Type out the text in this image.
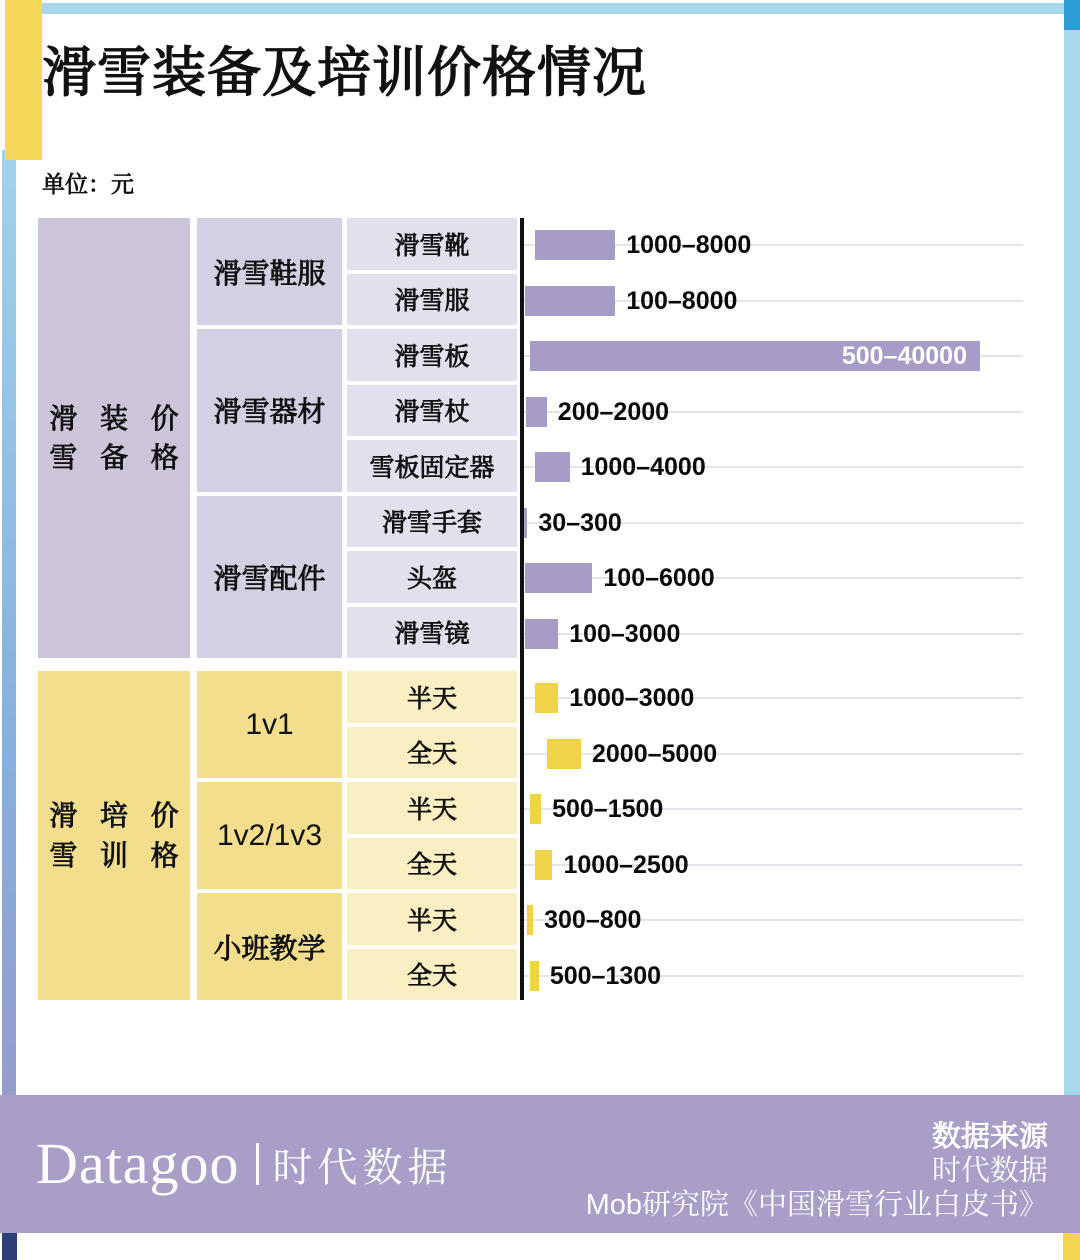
滑雪装备及培训价格情况
单位：元
滑雪

装备

价格
滑雪鞋服
滑雪靴	1000–8000
滑雪服	100–8000
滑雪器材
滑雪板	500–40000
滑雪杖	200–2000
雪板固定器	1000–4000
滑雪配件
滑雪手套	30–300
头盔	100–6000
滑雪镜	100–3000
滑雪

培训

价格
1v1
半天	1000–3000
全天	2000–5000
1v2/1v3
半天	500–1500
全天	1000–2500
小班教学
半天	300–800
全天	500–1300
Datagoo 时代数据
数据来源
时代数据
Mob研究院《中国滑雪行业白皮书》
